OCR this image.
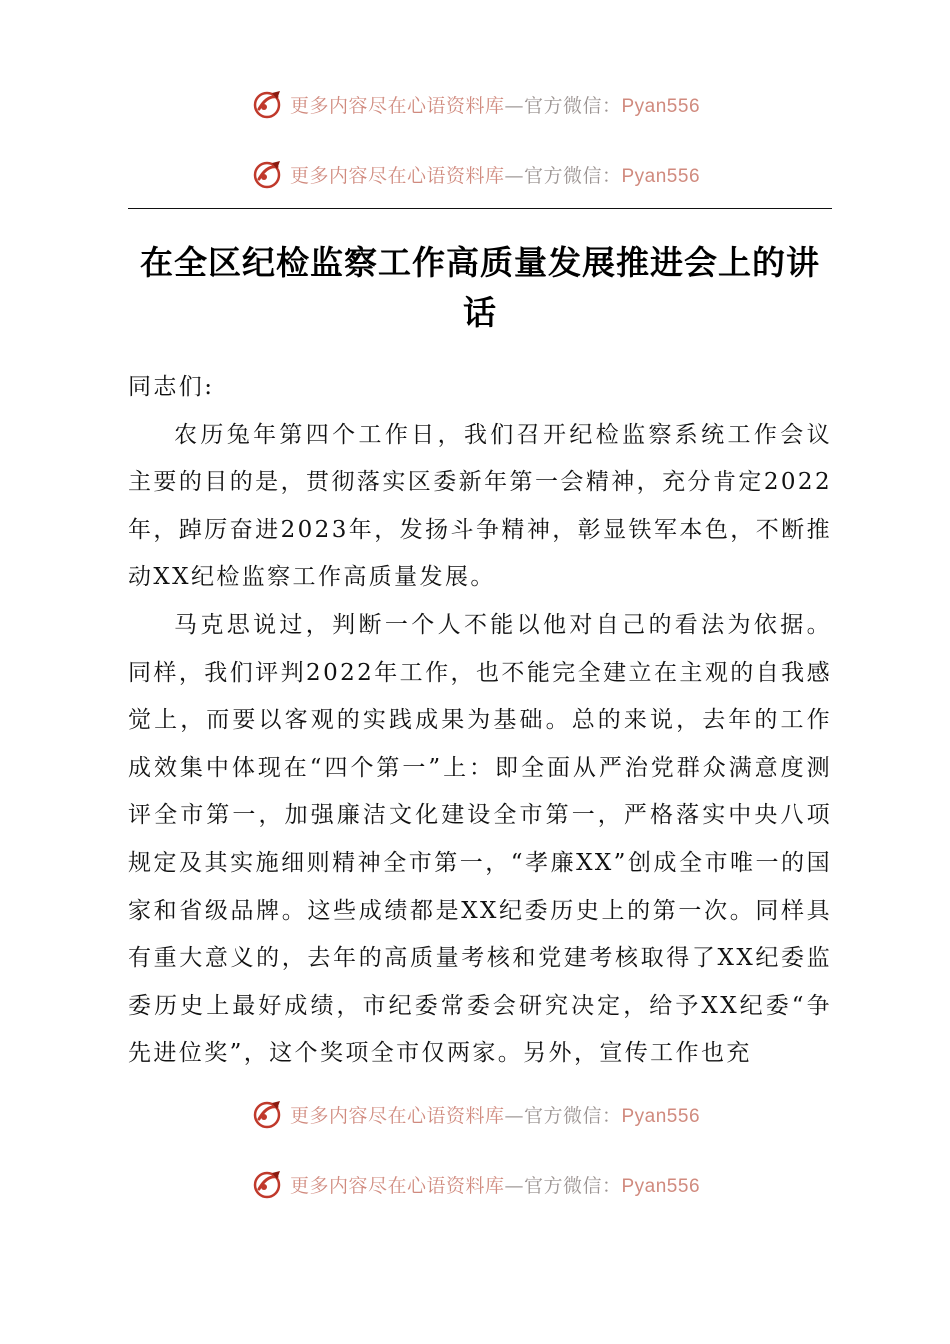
更多内容尽在心语资料库—官方微信：Pyan556
更多内容尽在心语资料库—官方微信：Pyan556
在全区纪检监察工作高质量发展推进会上的讲话

同志们:

农历兔年第四个工作日，我们召开纪检监察系统工作会议主要的目的是，贯彻落实区委新年第一会精神，充分肯定2022年，踔厉奋进2023年，发扬斗争精神，彰显铁军本色，不断推动XX纪检监察工作高质量发展。

马克思说过，判断一个人不能以他对自己的看法为依据。同样，我们评判2022年工作，也不能完全建立在主观的自我感觉上，而要以客观的实践成果为基础。总的来说，去年的工作成效集中体现在“四个第一”上：即全面从严治党群众满意度测评全市第一，加强廉洁文化建设全市第一，严格落实中央八项规定及其实施细则精神全市第一，“孝廉XX”创成全市唯一的国家和省级品牌。这些成绩都是XX纪委历史上的第一次。同样具有重大意义的，去年的高质量考核和党建考核取得了XX纪委监委历史上最好成绩，市纪委常委会研究决定，给予XX纪委“争先进位奖”，这个奖项全市仅两家。另外，宣传工作也充

更多内容尽在心语资料库—官方微信：Pyan556
更多内容尽在心语资料库—官方微信：Pyan556
